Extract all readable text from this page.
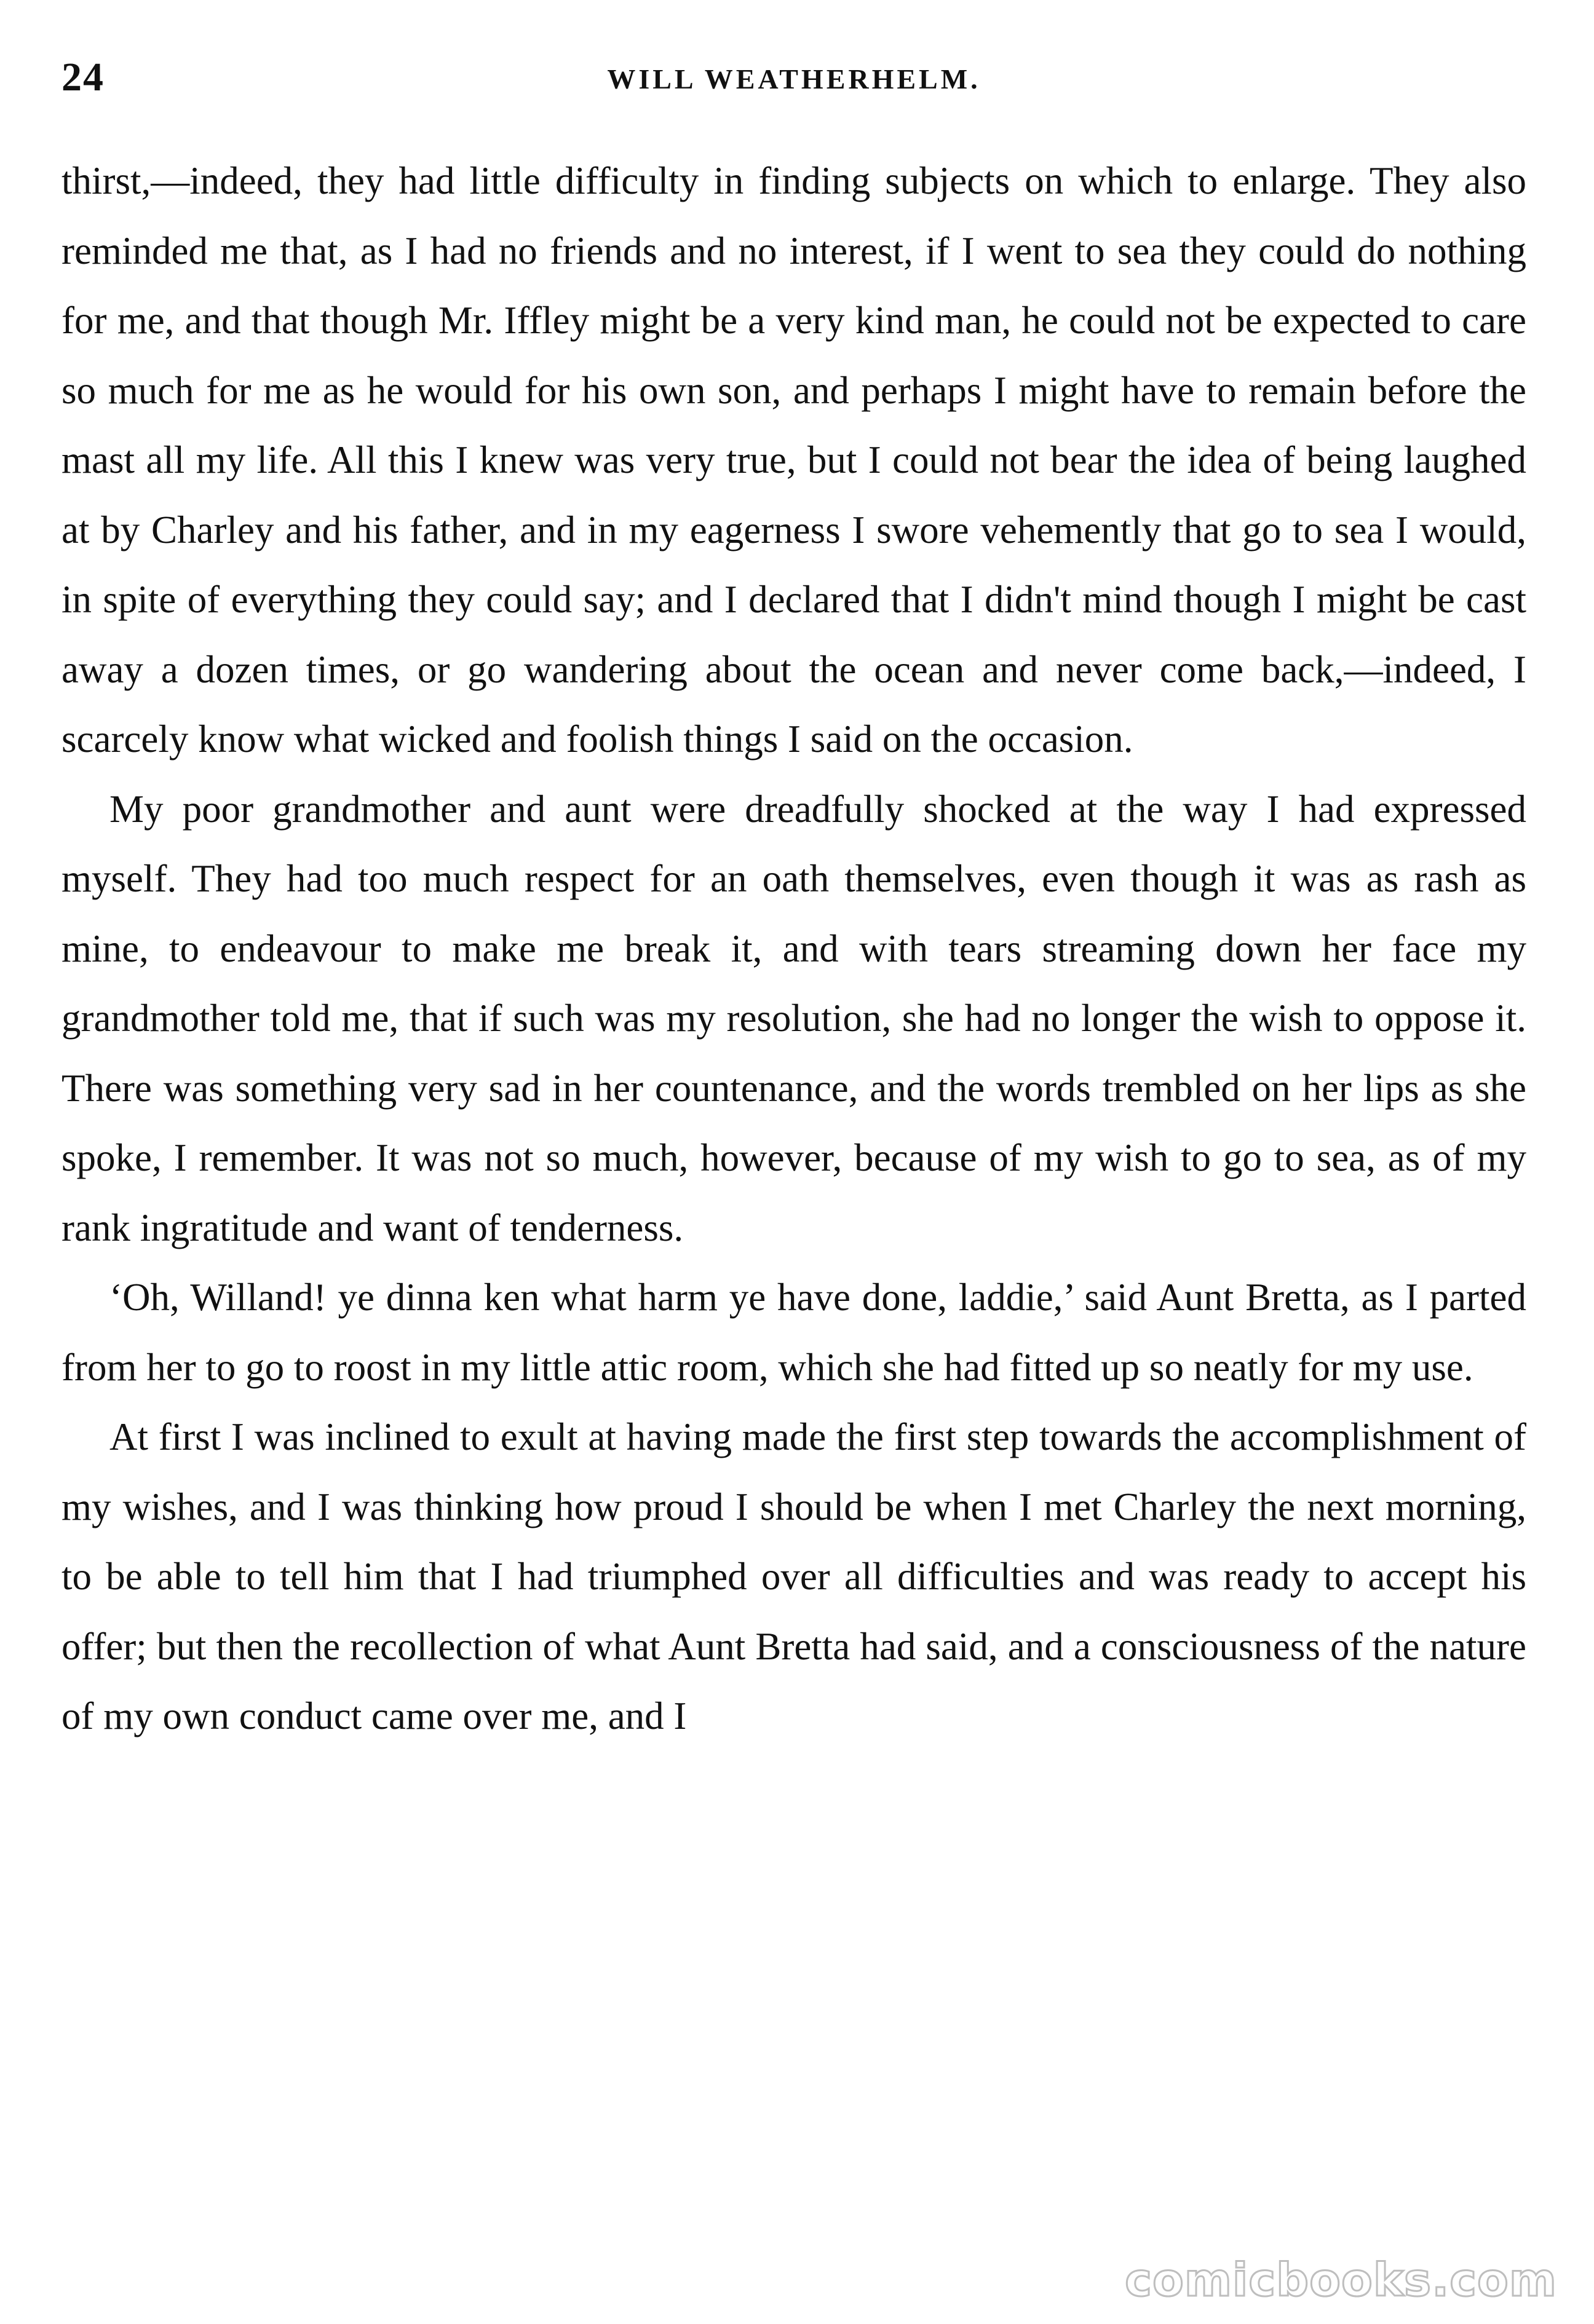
24	WILL WEATHERHELM.

thirst,—indeed, they had little difficulty in finding subjects on which to enlarge. They also reminded me that, as I had no friends and no interest, if I went to sea they could do nothing for me, and that though Mr. Iffley might be a very kind man, he could not be expected to care so much for me as he would for his own son, and perhaps I might have to remain before the mast all my life. All this I knew was very true, but I could not bear the idea of being laughed at by Charley and his father, and in my eagerness I swore vehemently that go to sea I would, in spite of everything they could say; and I declared that I didn't mind though I might be cast away a dozen times, or go wandering about the ocean and never come back,—indeed, I scarcely know what wicked and foolish things I said on the occasion.

My poor grandmother and aunt were dreadfully shocked at the way I had expressed myself. They had too much respect for an oath themselves, even though it was as rash as mine, to endeavour to make me break it, and with tears streaming down her face my grandmother told me, that if such was my resolution, she had no longer the wish to oppose it. There was something very sad in her countenance, and the words trembled on her lips as she spoke, I remember. It was not so much, however, because of my wish to go to sea, as of my rank ingratitude and want of tenderness.

‘Oh, Willand! ye dinna ken what harm ye have done, laddie,’ said Aunt Bretta, as I parted from her to go to roost in my little attic room, which she had fitted up so neatly for my use.

At first I was inclined to exult at having made the first step towards the accomplishment of my wishes, and I was thinking how proud I should be when I met Charley the next morning, to be able to tell him that I had triumphed over all difficulties and was ready to accept his offer; but then the recollection of what Aunt Bretta had said, and a consciousness of the nature of my own conduct came over me, and I

comicbooks.com
